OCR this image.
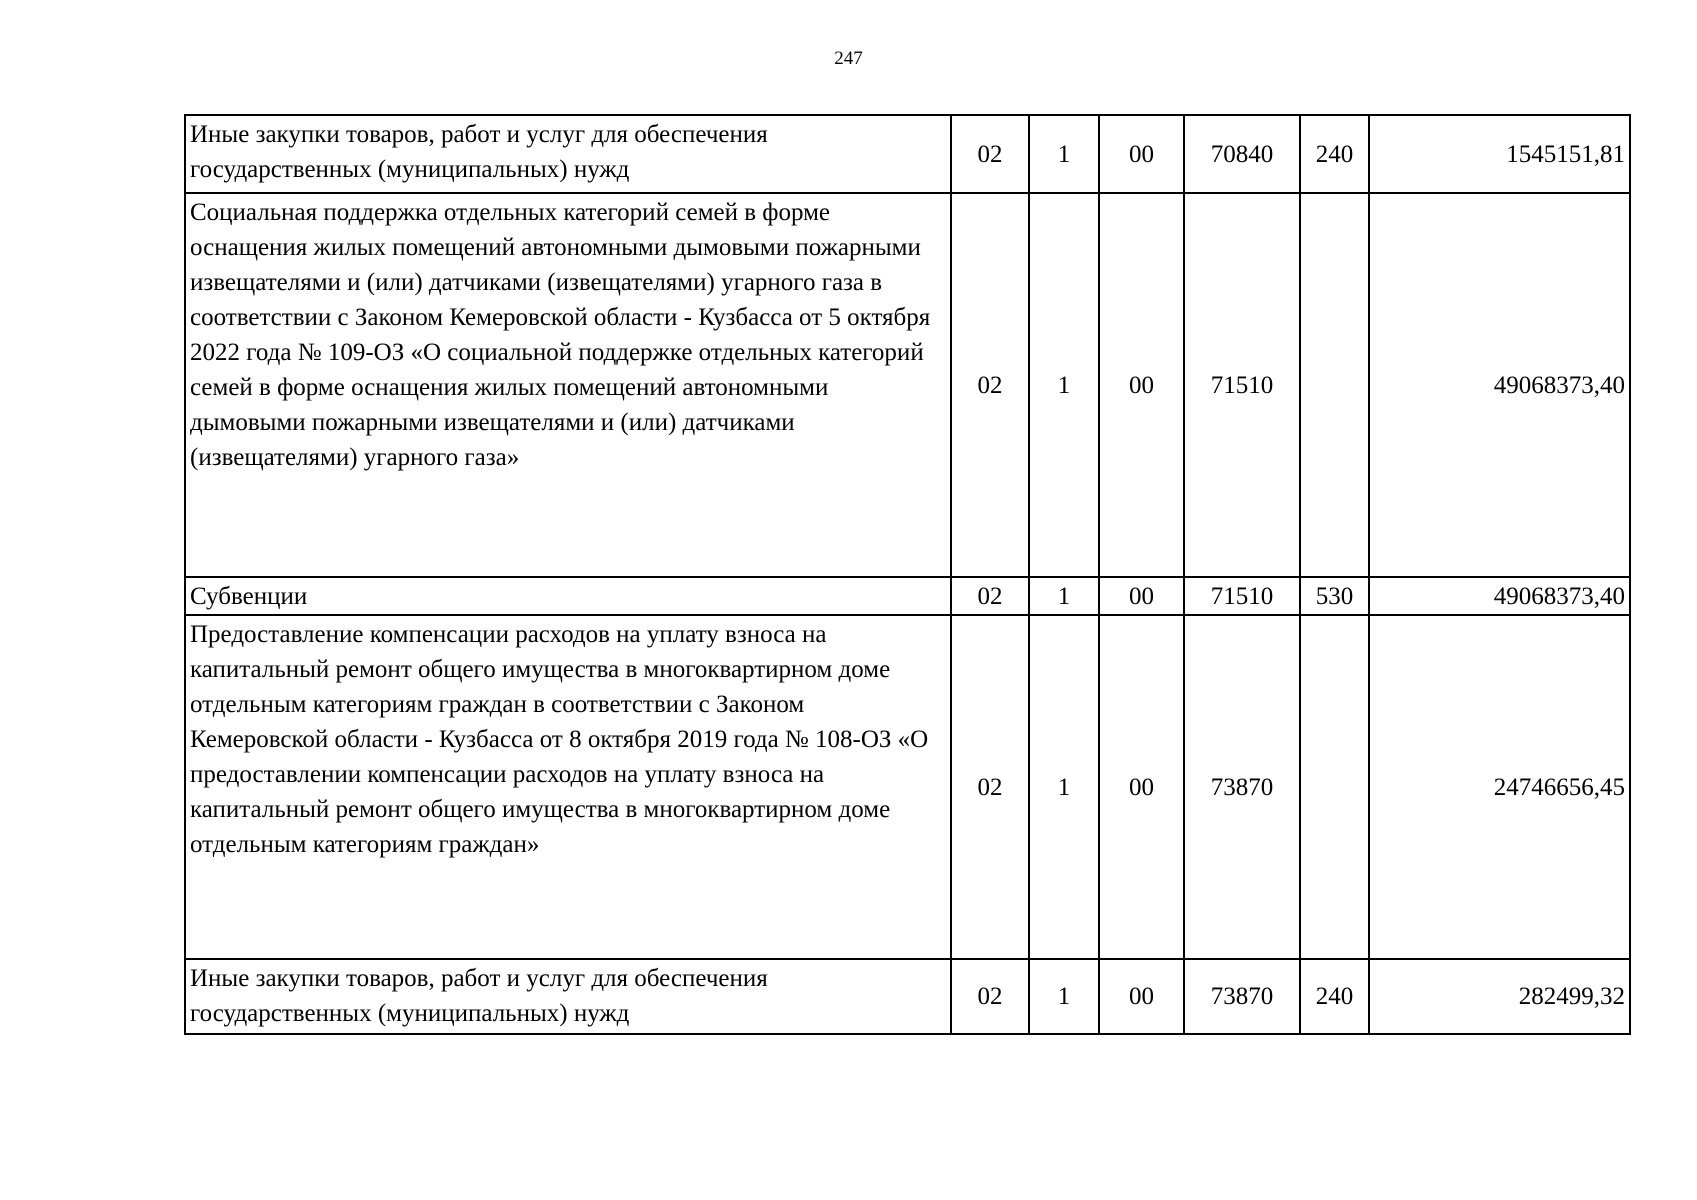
247
Иные закупки товаров, работ и услуг для обеспечения государственных (муниципальных) нужд	02	1	00	70840	240	1545151,81
Социальная поддержка отдельных категорий семей в форме оснащения жилых помещений автономными дымовыми пожарными извещателями и (или) датчиками (извещателями) угарного газа в соответствии с Законом Кемеровской области - Кузбасса от 5 октября 2022 года № 109-ОЗ «О социальной поддержке отдельных категорий семей в форме оснащения жилых помещений автономными дымовыми пожарными извещателями и (или) датчиками (извещателями) угарного газа»	02	1	00	71510		49068373,40
Субвенции	02	1	00	71510	530	49068373,40
Предоставление компенсации расходов на уплату взноса на капитальный ремонт общего имущества в многоквартирном доме отдельным категориям граждан в соответствии с Законом Кемеровской области - Кузбасса от 8 октября 2019 года № 108-ОЗ «О предоставлении компенсации расходов на уплату взноса на капитальный ремонт общего имущества в многоквартирном доме отдельным категориям граждан»	02	1	00	73870		24746656,45
Иные закупки товаров, работ и услуг для обеспечения государственных (муниципальных) нужд	02	1	00	73870	240	282499,32
